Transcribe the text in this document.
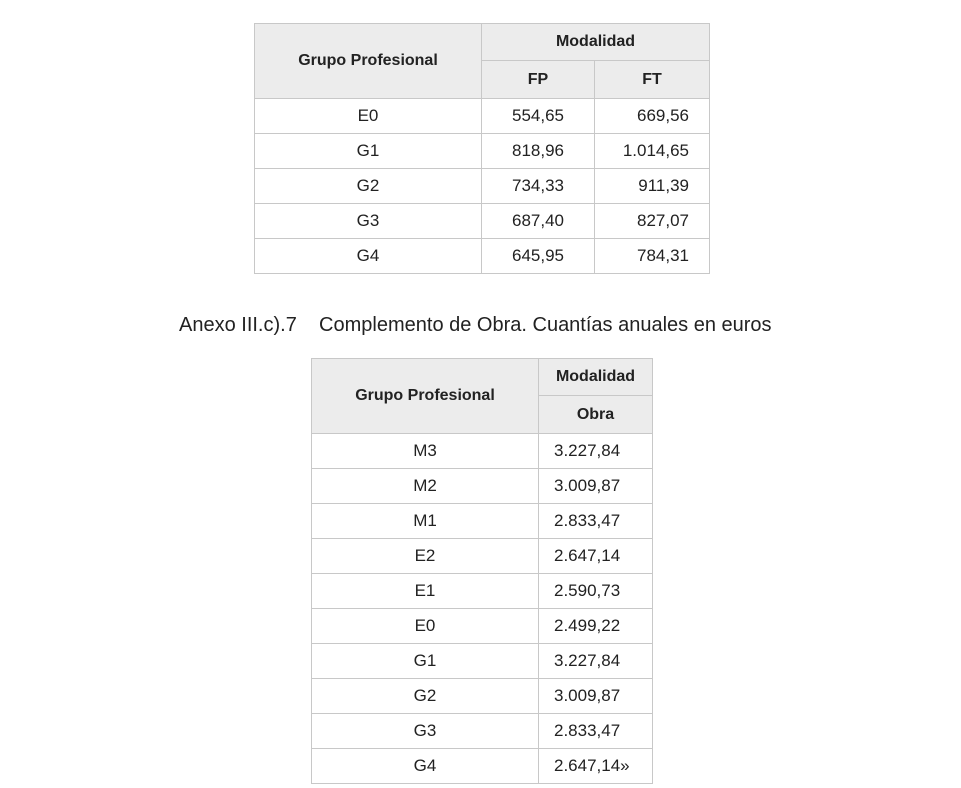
Grupo Profesional	Modalidad	
	FP	FT
E0	554,65	669,56
G1	818,96	1.014,65
G2	734,33	911,39
G3	687,40	827,07
G4	645,95	784,31
Anexo III.c).7    Complemento de Obra. Cuantías anuales en euros
Grupo Profesional	Modalidad
	Obra
M3	3.227,84
M2	3.009,87
M1	2.833,47
E2	2.647,14
E1	2.590,73
E0	2.499,22
G1	3.227,84
G2	3.009,87
G3	2.833,47
G4	2.647,14»
